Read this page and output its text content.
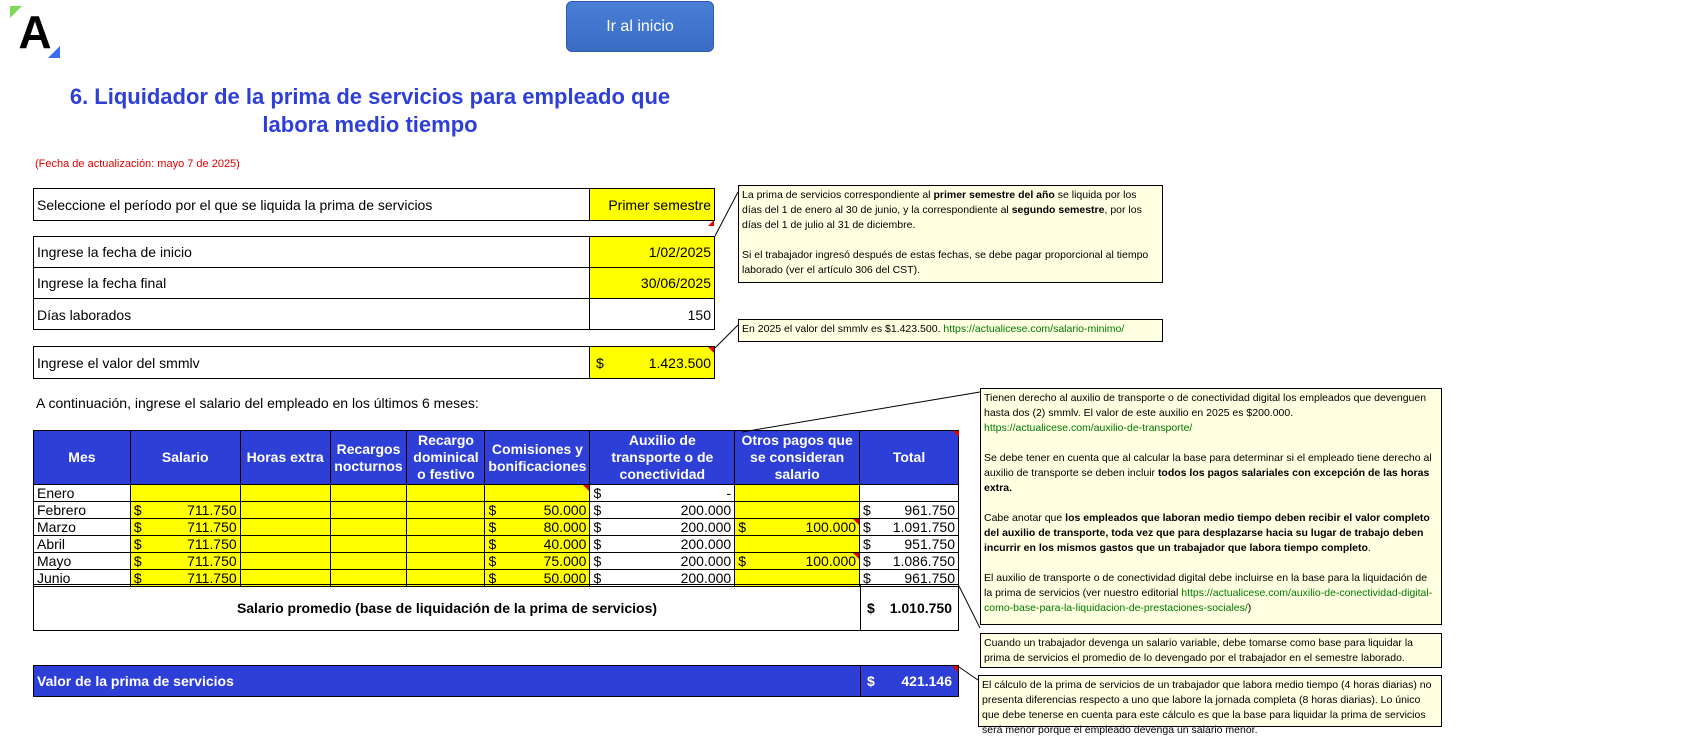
A	Ir al inicio
6. Liquidador de la prima de servicios para empleado que
labora medio tiempo
(Fecha de actualización: mayo 7 de 2025)
Seleccione el período por el que se liquida la prima de servicios	Primer semestre
Ingrese la fecha de inicio	1/02/2025
Ingrese la fecha final	30/06/2025
Días laborados	150
Ingrese el valor del smmlv	$	1.423.500
A continuación, ingrese el salario del empleado en los últimos 6 meses:
Mes	Salario	Horas extra	Recargos nocturnos	Recargo dominical o festivo	Comisiones y bonificaciones	Auxilio de transporte o de conectividad	Otros pagos que se consideran salario	Total
Enero						$ -		

Febrero	$ 711.750				$ 50.000	$ 200.000		$ 961.750

Marzo	$ 711.750				$ 80.000	$ 200.000	$ 100.000	$ 1.091.750

Abril	$ 711.750				$ 40.000	$ 200.000		$ 951.750

Mayo	$ 711.750				$ 75.000	$ 200.000	$ 100.000	$ 1.086.750

Junio	$ 711.750				$ 50.000	$ 200.000		$ 961.750
Salario promedio (base de liquidación de la prima de servicios)	$ 1.010.750
Valor de la prima de servicios	$ 421.146

La prima de servicios correspondiente al primer semestre del año se liquida por los días del 1 de enero al 30 de junio, y la correspondiente al segundo semestre, por los días del 1 de julio al 31 de diciembre.

Si el trabajador ingresó después de estas fechas, se debe pagar proporcional al tiempo laborado (ver el artículo 306 del CST).

En 2025 el valor del smmlv es $1.423.500. https://actualicese.com/salario-minimo/

Tienen derecho al auxilio de transporte o de conectividad digital los empleados que devenguen hasta dos (2) smmlv. El valor de este auxilio en 2025 es $200.000.
https://actualicese.com/auxilio-de-transporte/

Se debe tener en cuenta que al calcular la base para determinar si el empleado tiene derecho al auxilio de transporte se deben incluir todos los pagos salariales con excepción de las horas extra.

Cabe anotar que los empleados que laboran medio tiempo deben recibir el valor completo del auxilio de transporte, toda vez que para desplazarse hacia su lugar de trabajo deben incurrir en los mismos gastos que un trabajador que labora tiempo completo.

El auxilio de transporte o de conectividad digital debe incluirse en la base para la liquidación de la prima de servicios (ver nuestro editorial https://actualicese.com/auxilio-de-conectividad-digital-como-base-para-la-liquidacion-de-prestaciones-sociales/)

Cuando un trabajador devenga un salario variable, debe tomarse como base para liquidar la prima de servicios el promedio de lo devengado por el trabajador en el semestre laborado.
El cálculo de la prima de servicios de un trabajador que labora medio tiempo (4 horas diarias) no presenta diferencias respecto a uno que labore la jornada completa (8 horas diarias). Lo único que debe tenerse en cuenta para este cálculo es que la base para liquidar la prima de servicios será menor porque el empleado devenga un salario menor.
